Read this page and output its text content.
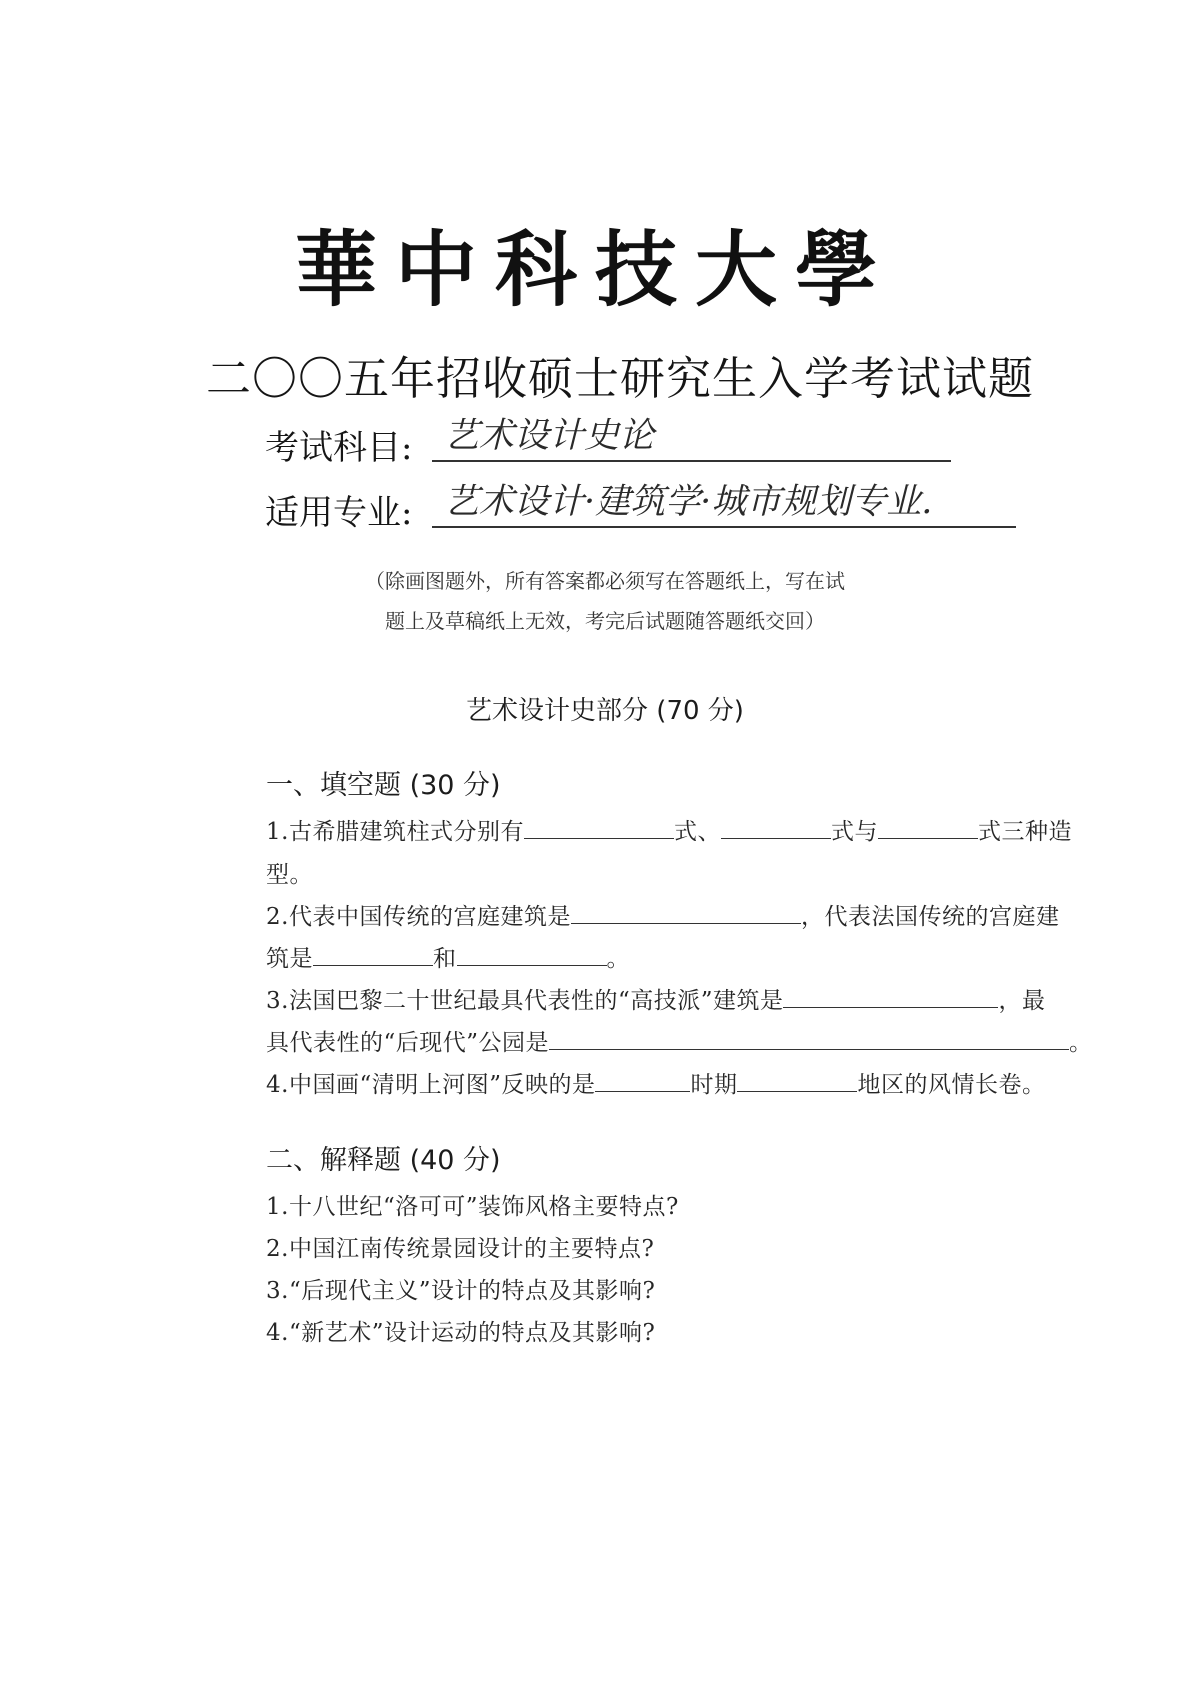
華中科技大學
二〇〇五年招收硕士研究生入学考试试题
考试科目: 艺术设计史论
适用专业: 艺术设计·建筑学·城市规划专业.
（除画图题外，所有答案都必须写在答题纸上，写在试
题上及草稿纸上无效，考完后试题随答题纸交回）
艺术设计史部分 (70 分)
一、填空题 (30 分)
1.古希腊建筑柱式分别有	式、	式与	式三种造
型。
2.代表中国传统的宫庭建筑是	，代表法国传统的宫庭建
筑是	和	。
3.法国巴黎二十世纪最具代表性的“高技派”建筑是	，最
具代表性的“后现代”公园是	。
4.中国画“清明上河图”反映的是	时期	地区的风情长卷。
二、解释题 (40 分)
1.十八世纪“洛可可”装饰风格主要特点?
2.中国江南传统景园设计的主要特点?
3.“后现代主义”设计的特点及其影响?
4.“新艺术”设计运动的特点及其影响?
